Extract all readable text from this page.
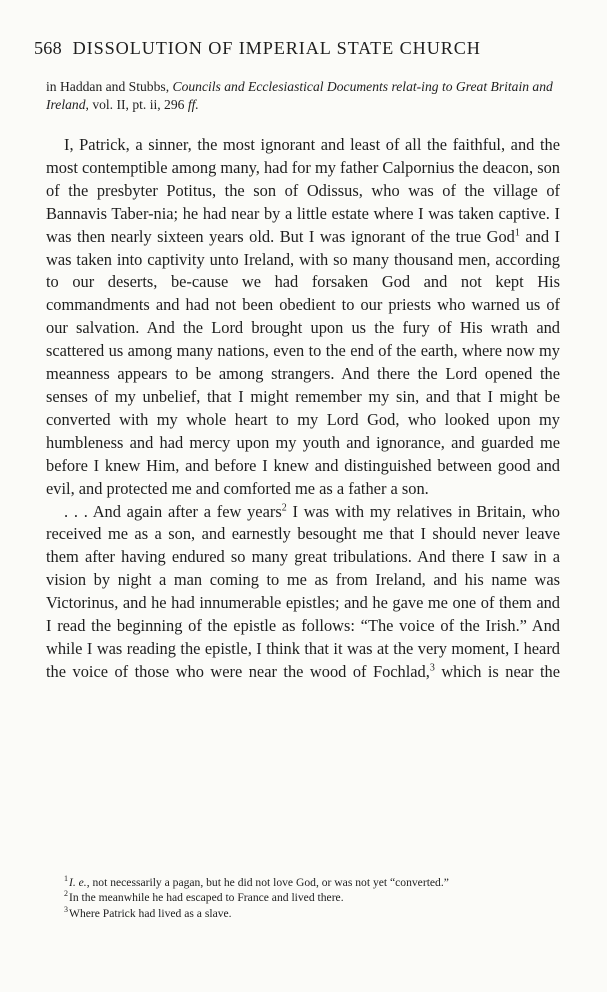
568 DISSOLUTION OF IMPERIAL STATE CHURCH
in Haddan and Stubbs, Councils and Ecclesiastical Documents relat-ing to Great Britain and Ireland, vol. II, pt. ii, 296 ff.

I, Patrick, a sinner, the most ignorant and least of all the faithful, and the most contemptible among many, had for my father Calpornius the deacon, son of the presbyter Potitus, the son of Odissus, who was of the village of Bannavis Taber-nia; he had near by a little estate where I was taken captive. I was then nearly sixteen years old. But I was ignorant of the true God$^1$ and I was taken into captivity unto Ireland, with so many thousand men, according to our deserts, be-cause we had forsaken God and not kept His commandments and had not been obedient to our priests who warned us of our salvation. And the Lord brought upon us the fury of His wrath and scattered us among many nations, even to the end of the earth, where now my meanness appears to be among strangers. And there the Lord opened the senses of my unbelief, that I might remember my sin, and that I might be converted with my whole heart to my Lord God, who looked upon my humbleness and had mercy upon my youth and ignorance, and guarded me before I knew Him, and before I knew and distinguished between good and evil, and protected me and comforted me as a father a son.

. . . And again after a few years$^2$ I was with my relatives in Britain, who received me as a son, and earnestly besought me that I should never leave them after having endured so many great tribulations. And there I saw in a vision by night a man coming to me as from Ireland, and his name was Victorinus, and he had innumerable epistles; and he gave me one of them and I read the beginning of the epistle as follows: “The voice of the Irish.” And while I was reading the epistle, I think that it was at the very moment, I heard the voice of those who were near the wood of Fochlad,$^3$ which is near the

$^1$I. e., not necessarily a pagan, but he did not love God, or was not yet “converted.”

$^2$In the meanwhile he had escaped to France and lived there.

$^3$Where Patrick had lived as a slave.
